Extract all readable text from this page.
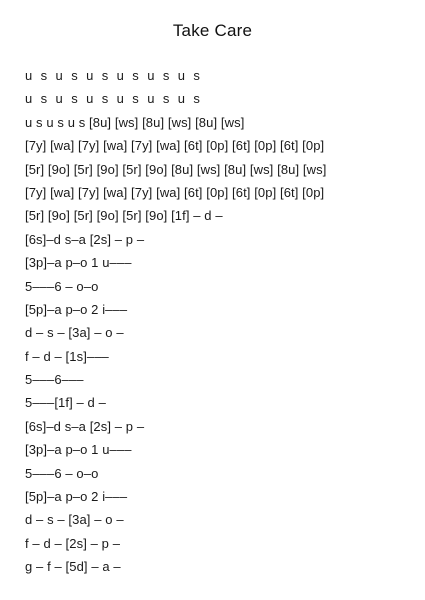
Take Care
u s u s u s u s u s u s
u s u s u s u s u s u s
u s u s u s [8u] [ws] [8u] [ws] [8u] [ws]
[7y] [wa] [7y] [wa] [7y] [wa] [6t] [0p] [6t] [0p] [6t] [0p]
[5r] [9o] [5r] [9o] [5r] [9o] [8u] [ws] [8u] [ws] [8u] [ws]
[7y] [wa] [7y] [wa] [7y] [wa] [6t] [0p] [6t] [0p] [6t] [0p]
[5r] [9o] [5r] [9o] [5r] [9o] [1f] – d –
[6s]–d s–a [2s] – p –
[3p]–a p–o 1 u–––
5–––6 – o–o
[5p]–a p–o 2 i–––
d – s – [3a] – o –
f – d – [1s]–––
5–––6–––
5–––[1f] – d –
[6s]–d s–a [2s] – p –
[3p]–a p–o 1 u–––
5–––6 – o–o
[5p]–a p–o 2 i–––
d – s – [3a] – o –
f – d – [2s] – p –
g – f – [5d] – a –
